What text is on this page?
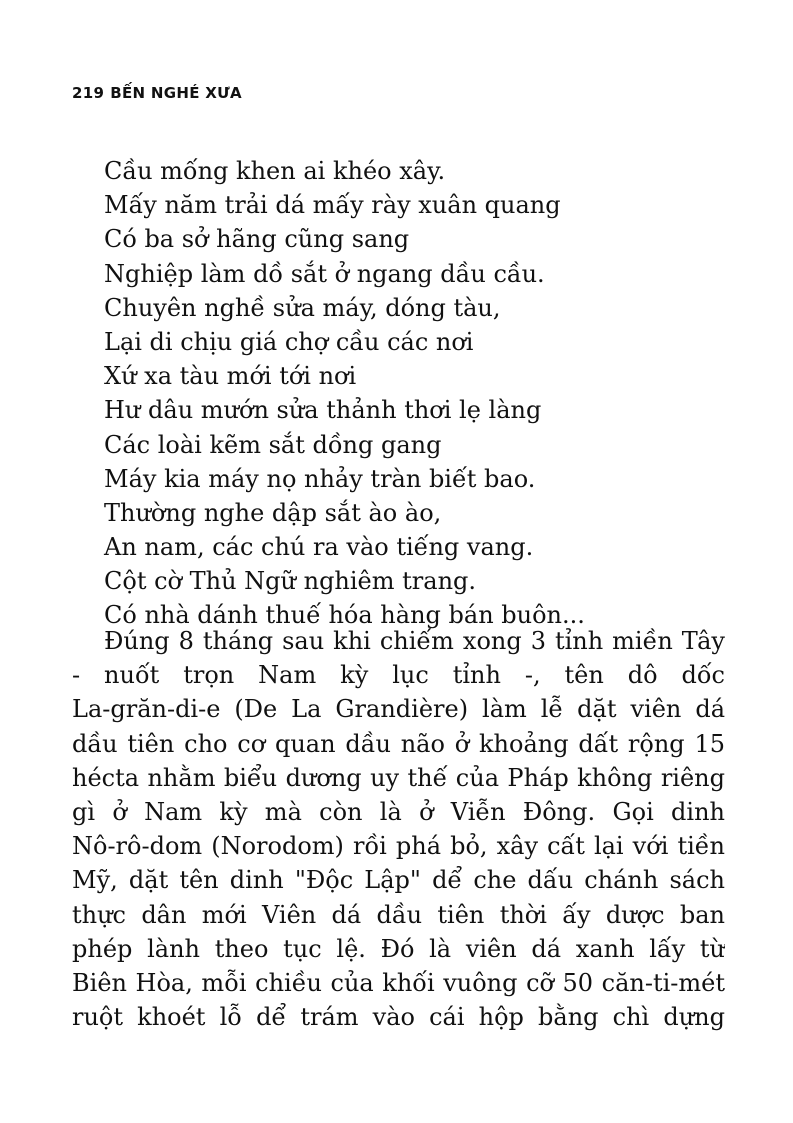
219 BẾN NGHÉ XƯA
Cầu mống khen ai khéo xây.
Mấy năm trải dá mấy rày xuân quang
Có ba sở hãng cũng sang
Nghiệp làm dồ sắt ở ngang dầu cầu.
Chuyên nghề sửa máy, dóng tàu,
Lại di chịu giá chợ cầu các nơi
Xứ xa tàu mới tới nơi
Hư dâu mướn sửa thảnh thơi lẹ làng
Các loài kẽm sắt dồng gang
Máy kia máy nọ nhảy tràn biết bao.
Thường nghe dập sắt ào ào,
An nam, các chú ra vào tiếng vang.
Cột cờ Thủ Ngữ nghiêm trang.
Có nhà dánh thuế hóa hàng bán buôn...
Đúng 8 tháng sau khi chiếm xong 3 tỉnh miền Tây
- nuốt trọn Nam kỳ lục tỉnh -, tên dô dốc
La-grăn-di-e (De La Grandière) làm lễ dặt viên dá
dầu tiên cho cơ quan dầu não ở khoảng dất rộng 15
hécta nhằm biểu dương uy thế của Pháp không riêng
gì ở Nam kỳ mà còn là ở Viễn Đông. Gọi dinh
Nô-rô-dom (Norodom) rồi phá bỏ, xây cất lại với tiền
Mỹ, dặt tên dinh "Độc Lập" dể che dấu chánh sách
thực dân mới Viên dá dầu tiên thời ấy dược ban
phép lành theo tục lệ. Đó là viên dá xanh lấy từ
Biên Hòa, mỗi chiều của khối vuông cỡ 50 căn-ti-mét
ruột khoét lỗ dể trám vào cái hộp bằng chì dựng
